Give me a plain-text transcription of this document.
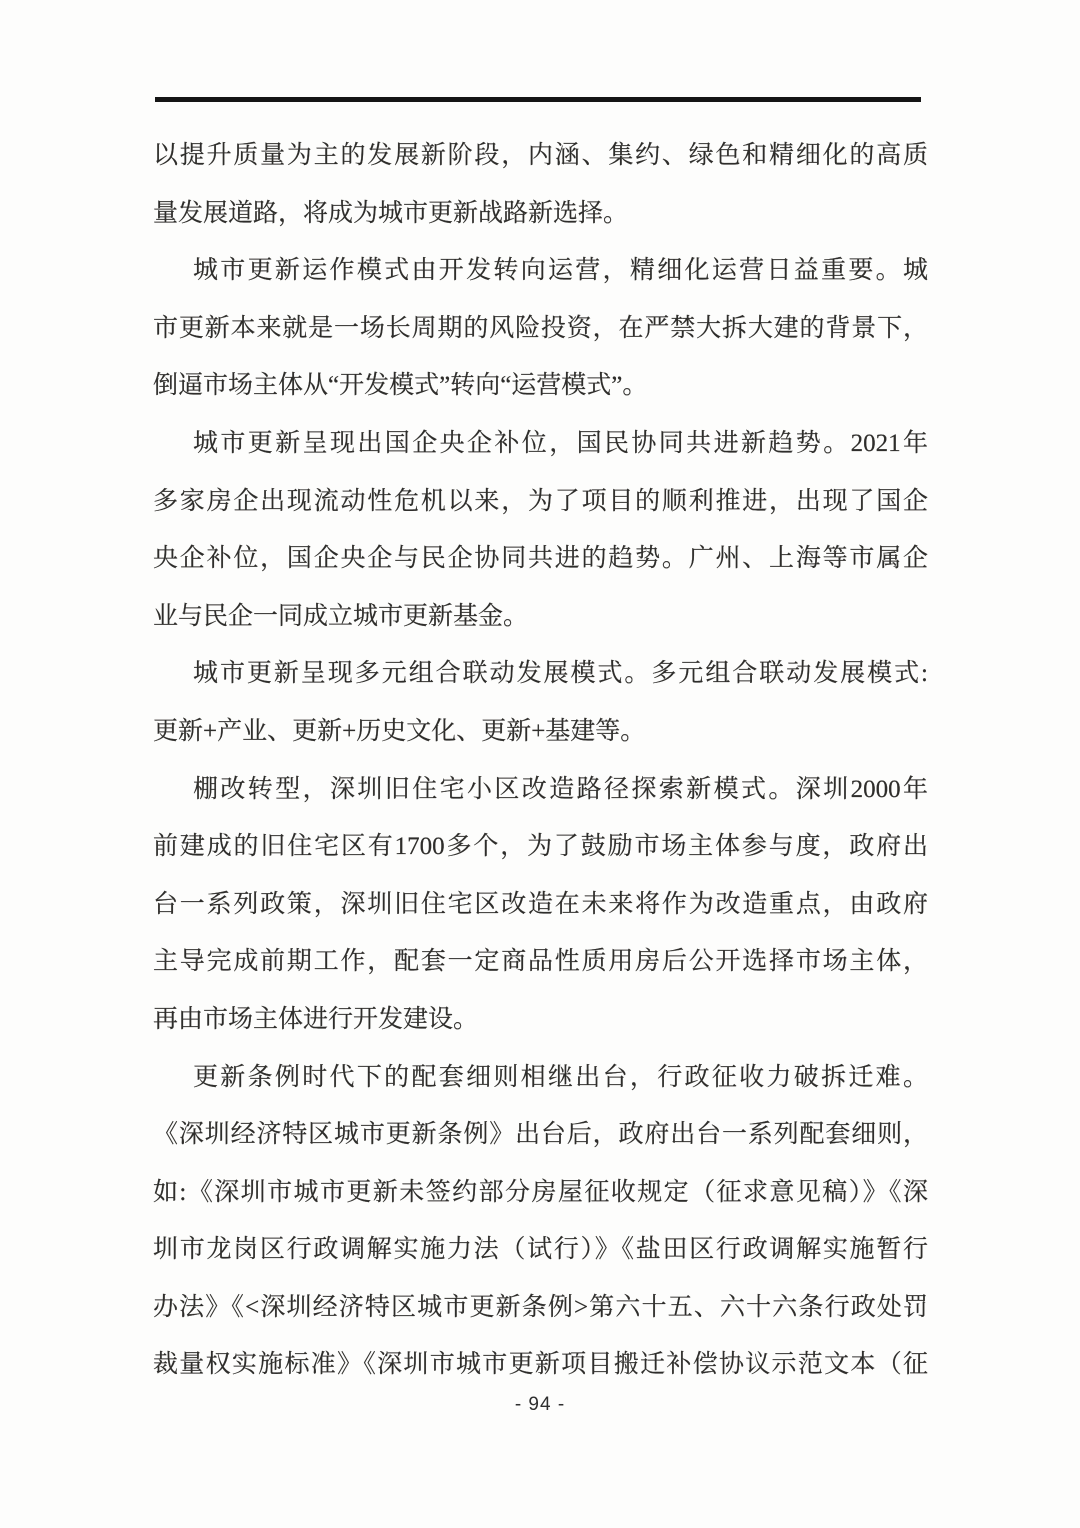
以提升质量为主的发展新阶段，内涵、集约、绿色和精细化的高质
量发展道路，将成为城市更新战路新选择。
城市更新运作模式由开发转向运营，精细化运营日益重要。城
市更新本来就是一场长周期的风险投资，在严禁大拆大建的背景下，
倒逼市场主体从“开发模式”转向“运营模式”。
城市更新呈现出国企央企补位，国民协同共进新趋势。2021年
多家房企出现流动性危机以来，为了项目的顺利推进，出现了国企
央企补位，国企央企与民企协同共进的趋势。广州、上海等市属企
业与民企一同成立城市更新基金。
城市更新呈现多元组合联动发展模式。多元组合联动发展模式:
更新+产业、更新+历史文化、更新+基建等。
棚改转型，深圳旧住宅小区改造路径探索新模式。深圳2000年
前建成的旧住宅区有1700多个，为了鼓励市场主体参与度，政府出
台一系列政策，深圳旧住宅区改造在未来将作为改造重点，由政府
主导完成前期工作，配套一定商品性质用房后公开选择市场主体，
再由市场主体进行开发建设。
更新条例时代下的配套细则相继出台，行政征收力破拆迁难。
《深圳经济特区城市更新条例》出台后，政府出台一系列配套细则，
如:《深圳市城市更新未签约部分房屋征收规定（征求意见稿）》《深
圳市龙岗区行政调解实施力法（试行）》《盐田区行政调解实施暂行
办法》《<深圳经济特区城市更新条例>第六十五、六十六条行政处罚
裁量权实施标准》《深圳市城市更新项目搬迁补偿协议示范文本（征
- 94 -
